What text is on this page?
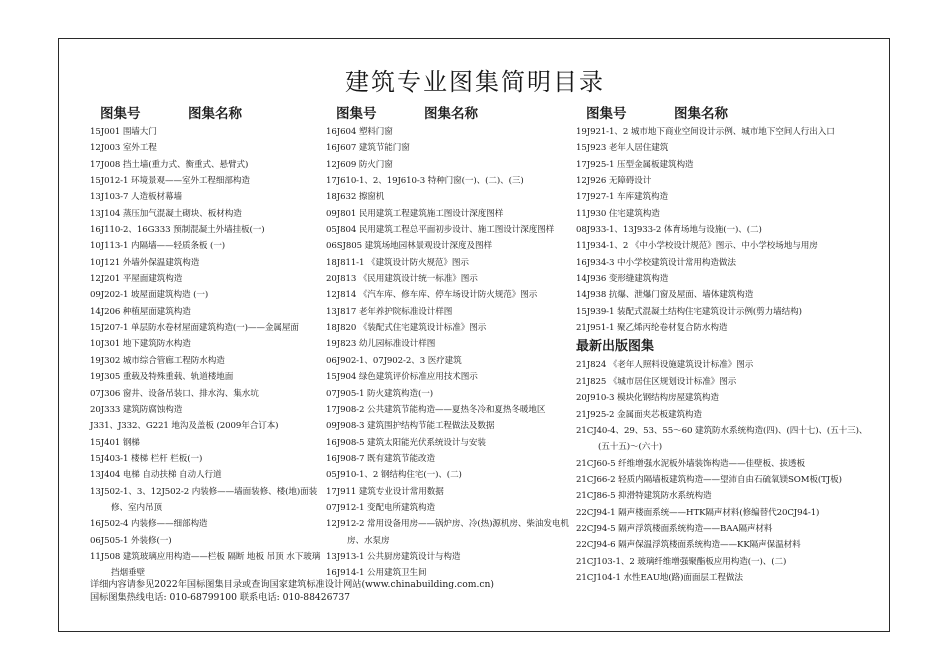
建筑专业图集简明目录
图集号	图集名称
15J001 围墙大门
12J003 室外工程
17J008 挡土墙(重力式、衡重式、悬臂式)
15J012-1 环境景观——室外工程细部构造
13J103-7 人造板材幕墙
13J104 蒸压加气混凝土砌块、板材构造
16J110-2、16G333 预制混凝土外墙挂板(一)
10J113-1 内隔墙——轻质条板 (一)
10J121 外墙外保温建筑构造
12J201 平屋面建筑构造
09J202-1 坡屋面建筑构造 (一)
14J206 种植屋面建筑构造
15J207-1 单层防水卷材屋面建筑构造(一)——金属屋面
10J301 地下建筑防水构造
19J302 城市综合管廊工程防水构造
19J305 重载及特殊重载、轨道楼地面
07J306 窗井、设备吊装口、排水沟、集水坑
20J333 建筑防腐蚀构造
J331、J332、G221 地沟及盖板 (2009年合订本)
15J401 钢梯
15J403-1 楼梯 栏杆 栏板(一)
13J404 电梯 自动扶梯 自动人行道
13J502-1、3、12J502-2 内装修——墙面装修、楼(地)面装修、室内吊顶
16J502-4 内装修——细部构造
06J505-1 外装修(一)
11J508 建筑玻璃应用构造——栏板 隔断 地板 吊顶 水下玻璃 挡烟垂壁
图集号	图集名称
16J604 塑料门窗
16J607 建筑节能门窗
12J609 防火门窗
17J610-1、2、19J610-3 特种门窗(一)、(二)、(三)
18J632 擦窗机
09J801 民用建筑工程建筑施工图设计深度图样
05J804 民用建筑工程总平面初步设计、施工图设计深度图样
06SJ805 建筑场地园林景观设计深度及图样
18J811-1 《建筑设计防火规范》图示
20J813 《民用建筑设计统一标准》图示
12J814 《汽车库、修车库、停车场设计防火规范》图示
13J817 老年养护院标准设计样图
18J820 《装配式住宅建筑设计标准》图示
19J823 幼儿园标准设计样图
06J902-1、07J902-2、3 医疗建筑
15J904 绿色建筑评价标准应用技术图示
07J905-1 防火建筑构造(一)
17J908-2 公共建筑节能构造——夏热冬冷和夏热冬暖地区
09J908-3 建筑围护结构节能工程做法及数据
16J908-5 建筑太阳能光伏系统设计与安装
16J908-7 既有建筑节能改造
05J910-1、2 钢结构住宅(一)、(二)
17J911 建筑专业设计常用数据
07J912-1 变配电所建筑构造
12J912-2 常用设备用房——锅炉房、冷(热)源机房、柴油发电机房、水泵房
13J913-1 公共厨房建筑设计与构造
16J914-1 公用建筑卫生间
图集号	图集名称
19J921-1、2 城市地下商业空间设计示例、城市地下空间人行出入口
15J923 老年人居住建筑
17J925-1 压型金属板建筑构造
12J926 无障碍设计
17J927-1 车库建筑构造
11J930 住宅建筑构造
08J933-1、13J933-2 体育场地与设施(一)、(二)
11J934-1、2 《中小学校设计规范》图示、中小学校场地与用房
16J934-3 中小学校建筑设计常用构造做法
14J936 变形缝建筑构造
14J938 抗爆、泄爆门窗及屋面、墙体建筑构造
15J939-1 装配式混凝土结构住宅建筑设计示例(剪力墙结构)
21J951-1 聚乙烯丙纶卷材复合防水构造
最新出版图集
21J824 《老年人照料设施建筑设计标准》图示
21J825 《城市居住区规划设计标准》图示
20J910-3 模块化钢结构房屋建筑构造
21J925-2 金属面夹芯板建筑构造
21CJ40-4、29、53、55～60 建筑防水系统构造(四)、(四十七)、(五十三)、(五十五)～(六十)
21CJ60-5 纤维增强水泥板外墙装饰构造——佳壁板、拔透板
21CJ66-2 轻质内隔墙板建筑构造——望沛自由石硫氧镁SOM板(TJ板)
21CJ86-5 抑滑特建筑防水系统构造
22CJ94-1 隔声楼面系统——HTK隔声材料(修编替代20CJ94-1)
22CJ94-5 隔声浮筑楼面系统构造——BAA隔声材料
22CJ94-6 隔声保温浮筑楼面系统构造——KK隔声保温材料
21CJ103-1、2 玻璃纤维增强聚酯板应用构造(一)、(二)
21CJ104-1 水性EAU地(路)面面层工程做法
详细内容请参见2022年国标图集目录或查询国家建筑标准设计网站(www.chinabuilding.com.cn)
国标图集热线电话: 010-68799100 联系电话: 010-88426737
